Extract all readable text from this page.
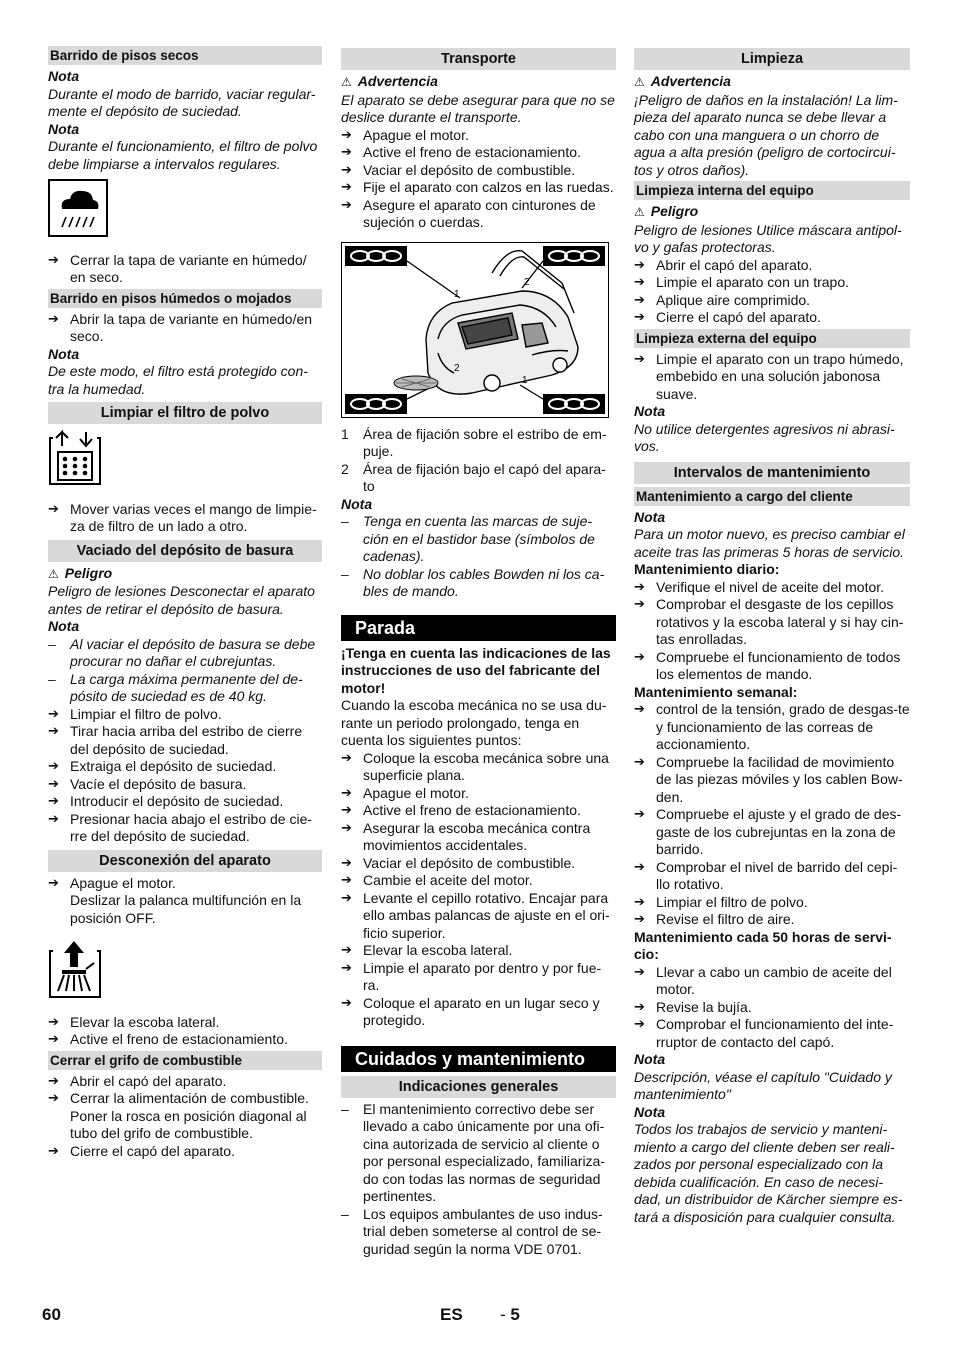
Barrido de pisos secos

Nota

Durante el modo de barrido, vaciar regular-mente el depósito de suciedad.

Nota

Durante el funcionamiento, el filtro de polvo debe limpiarse a intervalos regulares.

➔ Cerrar la tapa de variante en húmedo/ en seco.

Barrido en pisos húmedos o mojados

➔ Abrir la tapa de variante en húmedo/en seco.

Nota

De este modo, el filtro está protegido con-tra la humedad.

Limpiar el filtro de polvo

➔ Mover varias veces el mango de limpie-za de filtro de un lado a otro.

Vaciado del depósito de basura

⚠ Peligro

Peligro de lesiones Desconectar el aparato antes de retirar el depósito de basura.

Nota

– Al vaciar el depósito de basura se debe procurar no dañar el cubrejuntas.

– La carga máxima permanente del de-pósito de suciedad es de 40 kg.

➔ Limpiar el filtro de polvo.

➔ Tirar hacia arriba del estribo de cierre del depósito de suciedad.

➔ Extraiga el depósito de suciedad.

➔ Vacíe el depósito de basura.

➔ Introducir el depósito de suciedad.

➔ Presionar hacia abajo el estribo de cie-rre del depósito de suciedad.

Desconexión del aparato

➔ Apague el motor.

Deslizar la palanca multifunción en la posición OFF.

➔ Elevar la escoba lateral.

➔ Active el freno de estacionamiento.

Cerrar el grifo de combustible

➔ Abrir el capó del aparato.

➔ Cerrar la alimentación de combustible.

Poner la rosca en posición diagonal al tubo del grifo de combustible.

➔ Cierre el capó del aparato.

Transporte

⚠ Advertencia

El aparato se debe asegurar para que no se deslice durante el transporte.

➔ Apague el motor.

➔ Active el freno de estacionamiento.

➔ Vaciar el depósito de combustible.

➔ Fije el aparato con calzos en las ruedas.

➔ Asegure el aparato con cinturones de sujeción o cuerdas.

1
2
2
1

1 Área de fijación sobre el estribo de em-puje.

2 Área de fijación bajo el capó del apara-to

Nota

– Tenga en cuenta las marcas de suje-ción en el bastidor base (símbolos de cadenas).

– No doblar los cables Bowden ni los ca-bles de mando.

Parada

¡Tenga en cuenta las indicaciones de las instrucciones de uso del fabricante del motor!

Cuando la escoba mecánica no se usa du-rante un periodo prolongado, tenga en cuenta los siguientes puntos:

➔ Coloque la escoba mecánica sobre una superficie plana.

➔ Apague el motor.

➔ Active el freno de estacionamiento.

➔ Asegurar la escoba mecánica contra movimientos accidentales.

➔ Vaciar el depósito de combustible.

➔ Cambie el aceite del motor.

➔ Levante el cepillo rotativo. Encajar para ello ambas palancas de ajuste en el ori-ficio superior.

➔ Elevar la escoba lateral.

➔ Limpie el aparato por dentro y por fue-ra.

➔ Coloque el aparato en un lugar seco y protegido.

Cuidados y mantenimiento
Indicaciones generales

– El mantenimiento correctivo debe ser llevado a cabo únicamente por una ofi-cina autorizada de servicio al cliente o por personal especializado, familiariza-do con todas las normas de seguridad pertinentes.

– Los equipos ambulantes de uso indus-trial deben someterse al control de se-guridad según la norma VDE 0701.

Limpieza

⚠ Advertencia

¡Peligro de daños en la instalación! La lim-pieza del aparato nunca se debe llevar a cabo con una manguera o un chorro de agua a alta presión (peligro de cortocircui-tos y otros daños).

Limpieza interna del equipo

⚠ Peligro

Peligro de lesiones Utilice máscara antipol-vo y gafas protectoras.

➔ Abrir el capó del aparato.

➔ Limpie el aparato con un trapo.

➔ Aplique aire comprimido.

➔ Cierre el capó del aparato.

Limpieza externa del equipo

➔ Limpie el aparato con un trapo húmedo, embebido en una solución jabonosa suave.

Nota

No utilice detergentes agresivos ni abrasi-vos.

Intervalos de mantenimiento
Mantenimiento a cargo del cliente

Nota

Para un motor nuevo, es preciso cambiar el aceite tras las primeras 5 horas de servicio.

Mantenimiento diario:

➔ Verifique el nivel de aceite del motor.

➔ Comprobar el desgaste de los cepillos rotativos y la escoba lateral y si hay cin-tas enrolladas.

➔ Compruebe el funcionamiento de todos los elementos de mando.

Mantenimiento semanal:

➔ control de la tensión, grado de desgas-te y funcionamiento de las correas de accionamiento.

➔ Compruebe la facilidad de movimiento de las piezas móviles y los cablen Bow-den.

➔ Compruebe el ajuste y el grado de des-gaste de los cubrejuntas en la zona de barrido.

➔ Comprobar el nivel de barrido del cepi-llo rotativo.

➔ Limpiar el filtro de polvo.

➔ Revise el filtro de aire.

Mantenimiento cada 50 horas de servi-cio:

➔ Llevar a cabo un cambio de aceite del motor.

➔ Revise la bujía.

➔ Comprobar el funcionamiento del inte-rruptor de contacto del capó.

Nota

Descripción, véase el capítulo "Cuidado y mantenimiento"

Nota

Todos los trabajos de servicio y manteni-miento a cargo del cliente deben ser reali-zados por personal especializado con la debida cualificación. En caso de necesi-dad, un distribuidor de Kärcher siempre es-tará a disposición para cualquier consulta.

60	ES - 5
